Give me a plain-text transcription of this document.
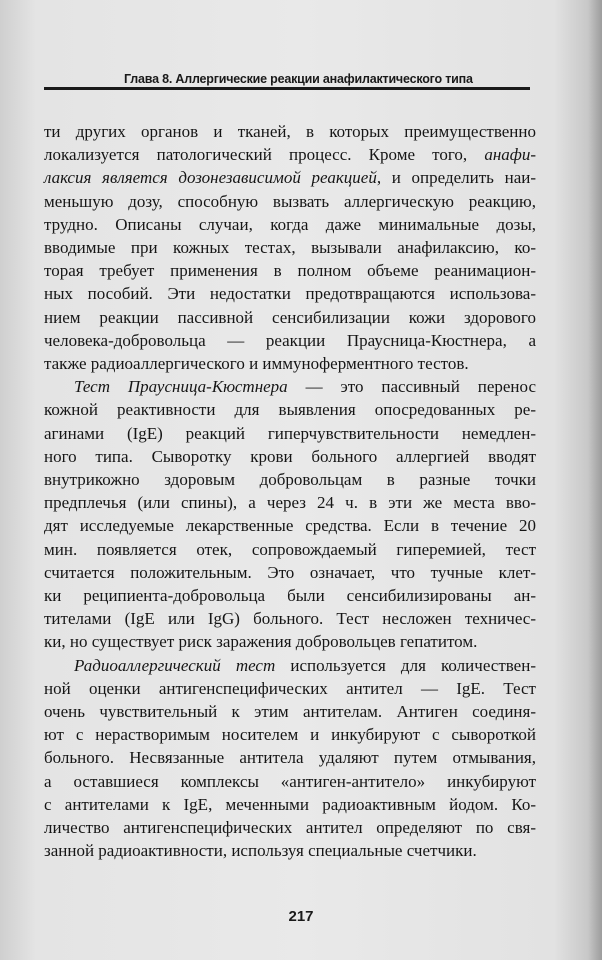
Глава 8. Аллергические реакции анафилактического типа
ти других органов и тканей, в которых преимущественно
локализуется патологический процесс. Кроме того, анафи-
лаксия является дозонезависимой реакцией, и определить наи-
меньшую дозу, способную вызвать аллергическую реакцию,
трудно. Описаны случаи, когда даже минимальные дозы,
вводимые при кожных тестах, вызывали анафилаксию, ко-
торая требует применения в полном объеме реанимацион-
ных пособий. Эти недостатки предотвращаются использова-
нием реакции пассивной сенсибилизации кожи здорового
человека-добровольца — реакции Праусница-Кюстнера, а
также радиоаллергического и иммуноферментного тестов.
Тест Праусница-Кюстнера — это пассивный перенос
кожной реактивности для выявления опосредованных ре-
агинами (IgE) реакций гиперчувствительности немедлен-
ного типа. Сыворотку крови больного аллергией вводят
внутрикожно здоровым добровольцам в разные точки
предплечья (или спины), а через 24 ч. в эти же места вво-
дят исследуемые лекарственные средства. Если в течение 20
мин. появляется отек, сопровождаемый гиперемией, тест
считается положительным. Это означает, что тучные клет-
ки реципиента-добровольца были сенсибилизированы ан-
тителами (IgE или IgG) больного. Тест несложен техничес-
ки, но существует риск заражения добровольцев гепатитом.
Радиоаллергический тест используется для количествен-
ной оценки антигенспецифических антител — IgE. Тест
очень чувствительный к этим антителам. Антиген соединя-
ют с нерастворимым носителем и инкубируют с сывороткой
больного. Несвязанные антитела удаляют путем отмывания,
а оставшиеся комплексы «антиген-антитело» инкубируют
с антителами к IgE, меченными радиоактивным йодом. Ко-
личество антигенспецифических антител определяют по свя-
занной радиоактивности, используя специальные счетчики.
217
